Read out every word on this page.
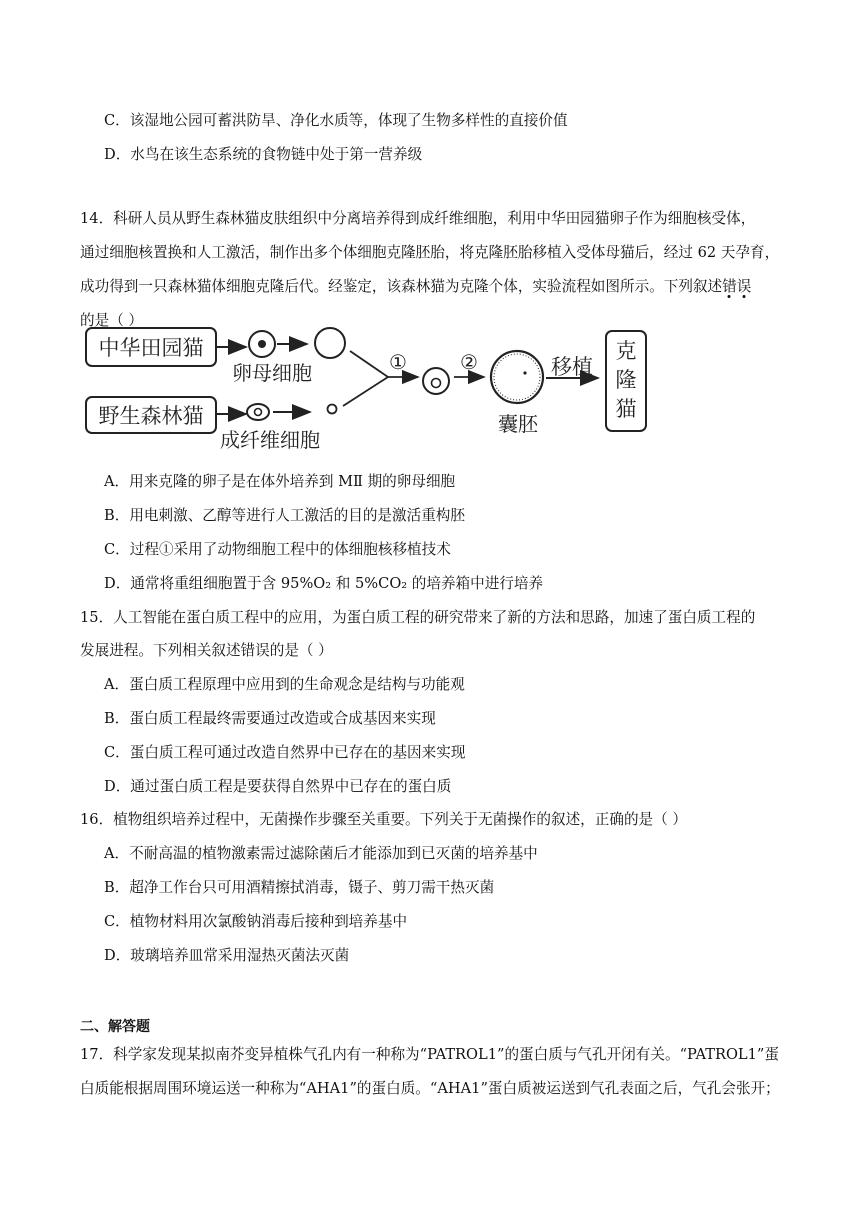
C．该湿地公园可蓄洪防旱、净化水质等，体现了生物多样性的直接价值
D．水鸟在该生态系统的食物链中处于第一营养级
14．科研人员从野生森林猫皮肤组织中分离培养得到成纤维细胞，利用中华田园猫卵子作为细胞核受体，
通过细胞核置换和人工激活，制作出多个体细胞克隆胚胎，将克隆胚胎移植入受体母猫后，经过 62 天孕育，
成功得到一只森林猫体细胞克隆后代。经鉴定，该森林猫为克隆个体，实验流程如图所示。下列叙述错误
的是（ ）
中华田园猫
卵母细胞
野生森林猫
成纤维细胞
①	②
囊胚
移植
克
隆
猫
A．用来克隆的卵子是在体外培养到 MⅡ 期的卵母细胞
B．用电刺激、乙醇等进行人工激活的目的是激活重构胚
C．过程①采用了动物细胞工程中的体细胞核移植技术
D．通常将重组细胞置于含 95%O₂ 和 5%CO₂ 的培养箱中进行培养
15．人工智能在蛋白质工程中的应用，为蛋白质工程的研究带来了新的方法和思路，加速了蛋白质工程的
发展进程。下列相关叙述错误的是（ ）
A．蛋白质工程原理中应用到的生命观念是结构与功能观
B．蛋白质工程最终需要通过改造或合成基因来实现
C．蛋白质工程可通过改造自然界中已存在的基因来实现
D．通过蛋白质工程是要获得自然界中已存在的蛋白质
16．植物组织培养过程中，无菌操作步骤至关重要。下列关于无菌操作的叙述，正确的是（ ）
A．不耐高温的植物激素需过滤除菌后才能添加到已灭菌的培养基中
B．超净工作台只可用酒精擦拭消毒，镊子、剪刀需干热灭菌
C．植物材料用次氯酸钠消毒后接种到培养基中
D．玻璃培养皿常采用湿热灭菌法灭菌
二、解答题
17．科学家发现某拟南芥变异植株气孔内有一种称为“PATROL1”的蛋白质与气孔开闭有关。“PATROL1”蛋
白质能根据周围环境运送一种称为“AHA1”的蛋白质。“AHA1”蛋白质被运送到气孔表面之后，气孔会张开；
